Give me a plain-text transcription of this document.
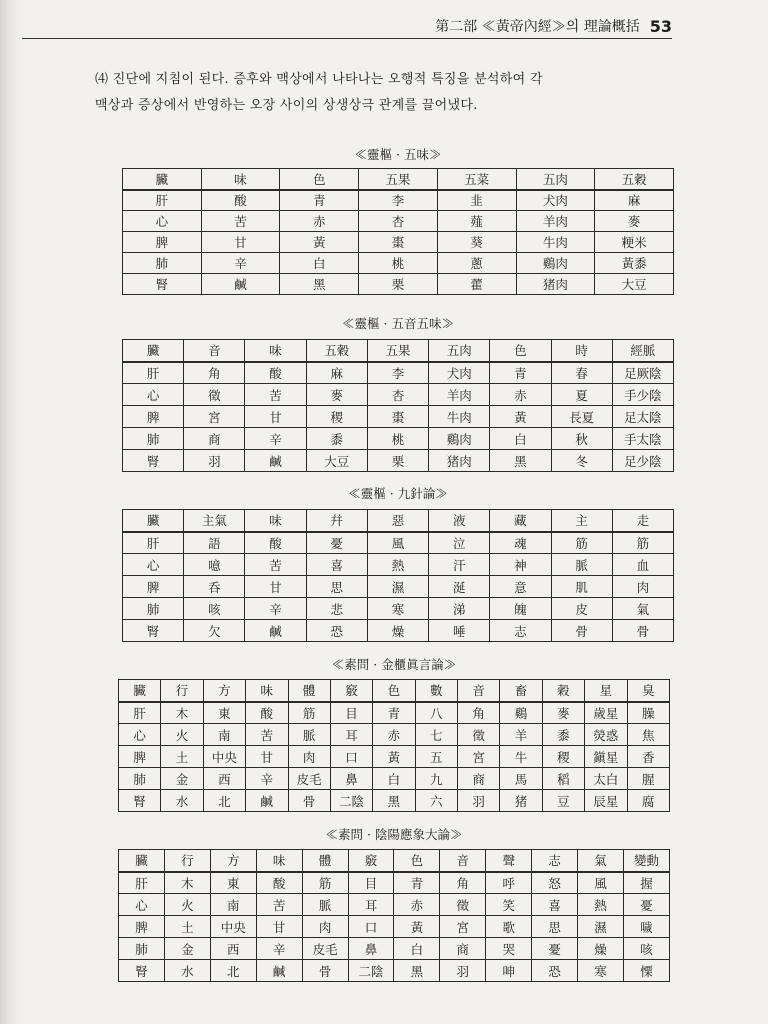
第二部 ≪黃帝內經≫의 理論概括 53

⑷ 진단에 지침이 된다. 증후와 맥상에서 나타나는 오행적 특징을 분석하여 각

맥상과 증상에서 반영하는 오장 사이의 상생상극 관계를 끌어냈다.

≪靈樞 · 五味≫
臟	味	色	五果	五菜	五肉	五穀
肝	酸	青	李	韭	犬肉	麻
心	苦	赤	杏	薤	羊肉	麥
脾	甘	黃	棗	葵	牛肉	粳米
肺	辛	白	桃	蔥	鷄肉	黃黍
腎	鹹	黑	栗	藿	猪肉	大豆
≪靈樞 · 五音五味≫
臟	音	味	五穀	五果	五肉	色	時	經脈
肝	角	酸	麻	李	犬肉	青	春	足厥陰
心	徵	苦	麥	杏	羊肉	赤	夏	手少陰
脾	宮	甘	稷	棗	牛肉	黃	長夏	足太陰
肺	商	辛	黍	桃	鷄肉	白	秋	手太陰
腎	羽	鹹	大豆	栗	猪肉	黑	冬	足少陰
≪靈樞 · 九針論≫
臟	主氣	味	幷	惡	液	藏	主	走
肝	語	酸	憂	風	泣	魂	筋	筋
心	噫	苦	喜	熱	汗	神	脈	血
脾	呑	甘	思	濕	涎	意	肌	肉
肺	咳	辛	悲	寒	涕	魄	皮	氣
腎	欠	鹹	恐	燥	唾	志	骨	骨
≪素問 · 金櫃眞言論≫
臟	行	方	味	體	竅	色	數	音	畜	穀	星	臭
肝	木	東	酸	筋	目	青	八	角	鷄	麥	歲星	臊
心	火	南	苦	脈	耳	赤	七	徵	羊	黍	熒惑	焦
脾	土	中央	甘	肉	口	黃	五	宮	牛	稷	鎭星	香
肺	金	西	辛	皮毛	鼻	白	九	商	馬	稻	太白	腥
腎	水	北	鹹	骨	二陰	黑	六	羽	猪	豆	辰星	腐
≪素問 · 陰陽應象大論≫
臟	行	方	味	體	竅	色	音	聲	志	氣	變動
肝	木	東	酸	筋	目	青	角	呼	怒	風	握
心	火	南	苦	脈	耳	赤	徵	笑	喜	熱	憂
脾	土	中央	甘	肉	口	黃	宮	歌	思	濕	噦
肺	金	西	辛	皮毛	鼻	白	商	哭	憂	燥	咳
腎	水	北	鹹	骨	二陰	黑	羽	呻	恐	寒	慄
